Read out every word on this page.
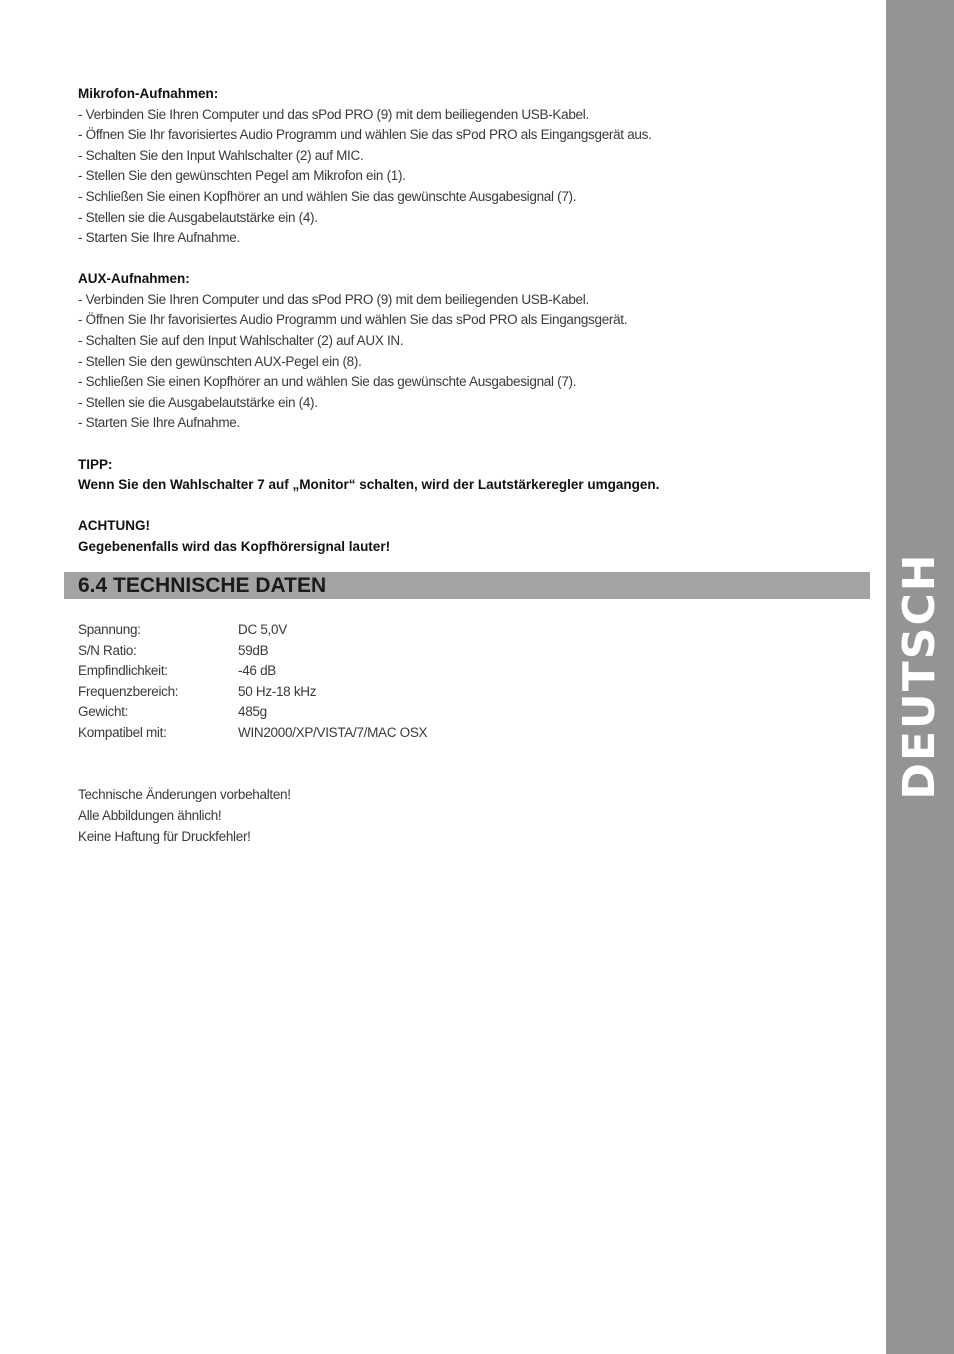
DEUTSCH
Mikrofon-Aufnahmen:
- Verbinden Sie Ihren Computer und das sPod PRO (9) mit dem beiliegenden USB-Kabel.
- Öffnen Sie Ihr favorisiertes Audio Programm und wählen Sie das sPod PRO als Eingangsgerät aus.
- Schalten Sie den Input Wahlschalter (2) auf MIC.
- Stellen Sie den gewünschten Pegel am Mikrofon ein (1).
- Schließen Sie einen Kopfhörer an und wählen Sie das gewünschte Ausgabesignal (7).
- Stellen sie die Ausgabelautstärke ein (4).
- Starten Sie Ihre Aufnahme.
AUX-Aufnahmen:
- Verbinden Sie Ihren Computer und das sPod PRO (9) mit dem beiliegenden USB-Kabel.
- Öffnen Sie Ihr favorisiertes Audio Programm und wählen Sie das sPod PRO als Eingangsgerät.
- Schalten Sie auf den Input Wahlschalter (2) auf AUX IN.
- Stellen Sie den gewünschten AUX-Pegel ein (8).
- Schließen Sie einen Kopfhörer an und wählen Sie das gewünschte Ausgabesignal (7).
- Stellen sie die Ausgabelautstärke ein (4).
- Starten Sie Ihre Aufnahme.
TIPP:
Wenn Sie den Wahlschalter 7 auf „Monitor“ schalten, wird der Lautstärkeregler umgangen.
ACHTUNG!
Gegebenenfalls wird das Kopfhörersignal lauter!
6.4 TECHNISCHE DATEN
Spannung:	DC 5,0V
S/N Ratio:	59dB
Empfindlichkeit:	-46 dB
Frequenzbereich:	50 Hz-18 kHz
Gewicht:	485g
Kompatibel mit:	WIN2000/XP/VISTA/7/MAC OSX
Technische Änderungen vorbehalten!
Alle Abbildungen ähnlich!
Keine Haftung für Druckfehler!
